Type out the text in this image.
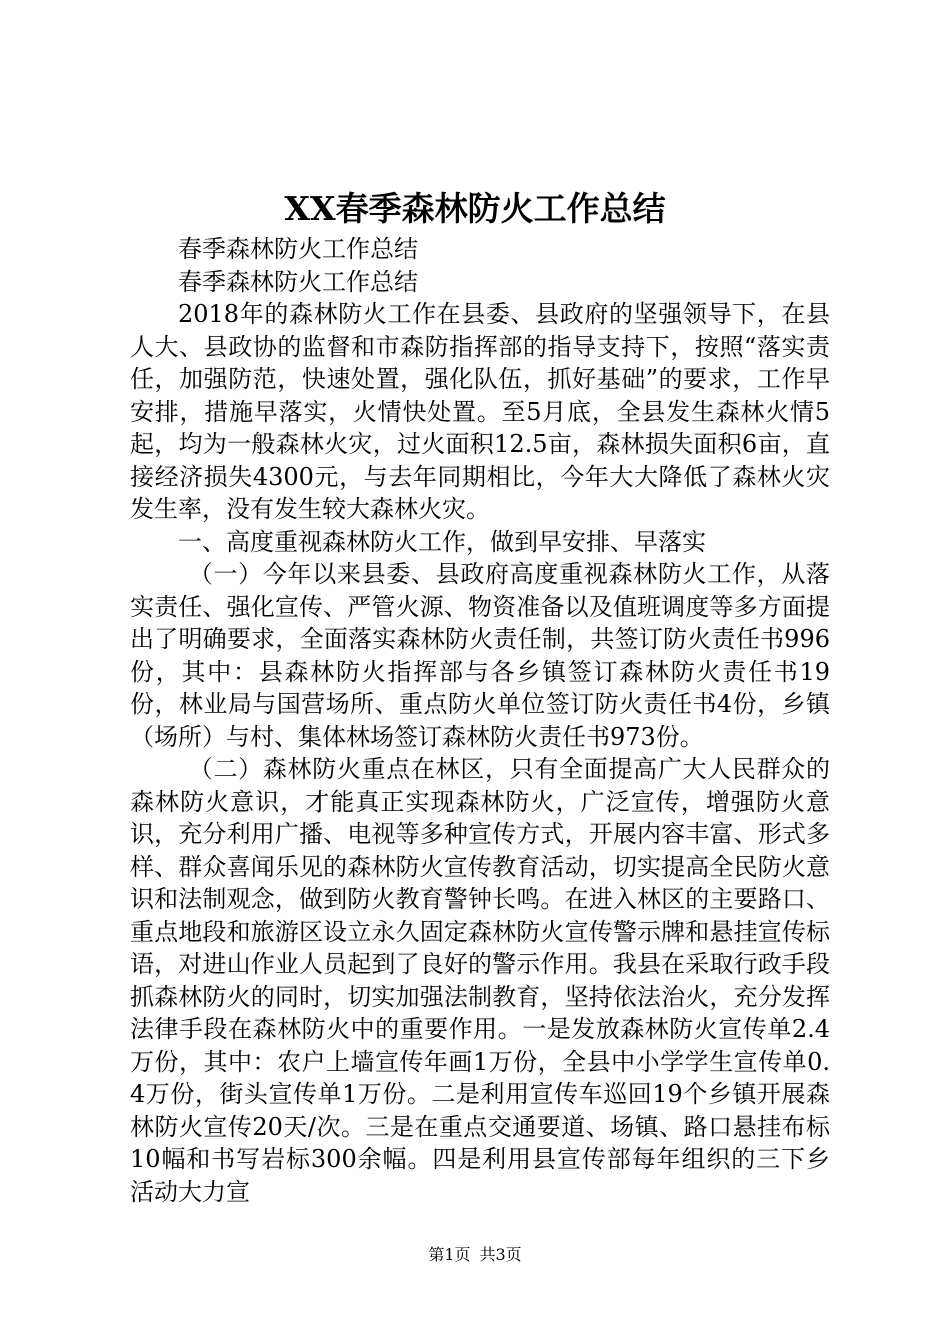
XX春季森林防火工作总结

春季森林防火工作总结

春季森林防火工作总结

2018年的森林防火工作在县委、县政府的坚强领导下，在县人大、县政协的监督和市森防指挥部的指导支持下，按照“落实责任，加强防范，快速处置，强化队伍，抓好基础”的要求，工作早安排，措施早落实，火情快处置。至5月底，全县发生森林火情5起，均为一般森林火灾，过火面积12.5亩，森林损失面积6亩，直接经济损失4300元，与去年同期相比，今年大大降低了森林火灾发生率，没有发生较大森林火灾。

一、高度重视森林防火工作，做到早安排、早落实

（一）今年以来县委、县政府高度重视森林防火工作，从落实责任、强化宣传、严管火源、物资准备以及值班调度等多方面提出了明确要求，全面落实森林防火责任制，共签订防火责任书996份，其中：县森林防火指挥部与各乡镇签订森林防火责任书19份，林业局与国营场所、重点防火单位签订防火责任书4份，乡镇（场所）与村、集体林场签订森林防火责任书973份。

（二）森林防火重点在林区，只有全面提高广大人民群众的森林防火意识，才能真正实现森林防火，广泛宣传，增强防火意识，充分利用广播、电视等多种宣传方式，开展内容丰富、形式多样、群众喜闻乐见的森林防火宣传教育活动，切实提高全民防火意识和法制观念，做到防火教育警钟长鸣。在进入林区的主要路口、重点地段和旅游区设立永久固定森林防火宣传警示牌和悬挂宣传标语，对进山作业人员起到了良好的警示作用。我县在采取行政手段抓森林防火的同时，切实加强法制教育，坚持依法治火，充分发挥法律手段在森林防火中的重要作用。一是发放森林防火宣传单2.4万份，其中：农户上墙宣传年画1万份，全县中小学学生宣传单0.4万份，街头宣传单1万份。二是利用宣传车巡回19个乡镇开展森林防火宣传20天/次。三是在重点交通要道、场镇、路口悬挂布标10幅和书写岩标300余幅。四是利用县宣传部每年组织的三下乡活动大力宣

第1页 共3页
